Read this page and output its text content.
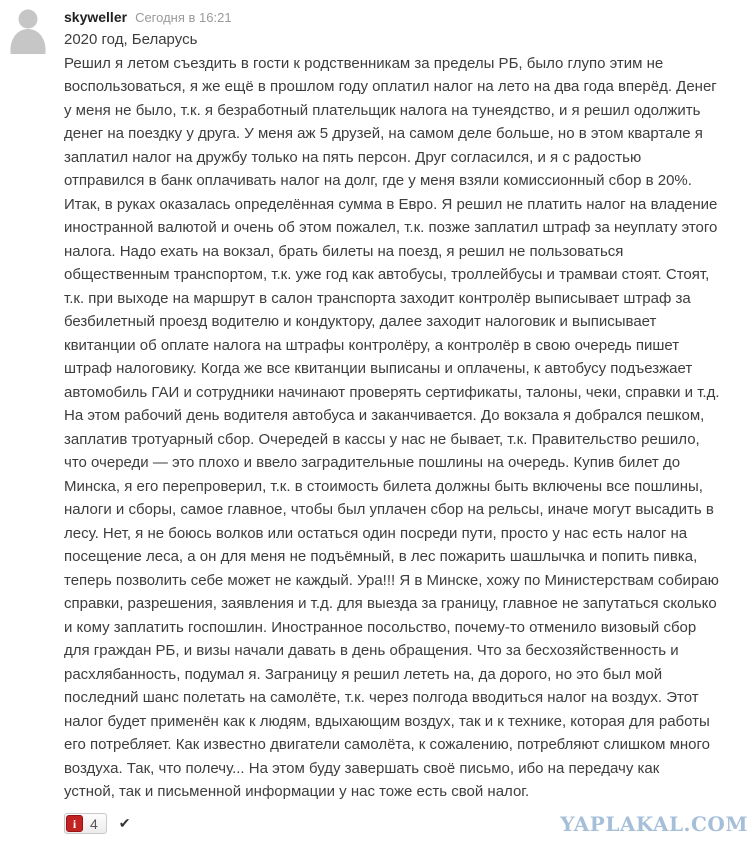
skyweller Сегодня в 16:21
2020 год, Беларусь
Решил я летом съездить в гости к родственникам за пределы РБ, было глупо этим не
воспользоваться, я же ещё в прошлом году оплатил налог на лето на два года вперёд. Денег
у меня не было, т.к. я безработный плательщик налога на тунеядство, и я решил одолжить
денег на поездку у друга. У меня аж 5 друзей, на самом деле больше, но в этом квартале я
заплатил налог на дружбу только на пять персон. Друг согласился, и я с радостью
отправился в банк оплачивать налог на долг, где у меня взяли комиссионный сбор в 20%.
Итак, в руках оказалась определённая сумма в Евро. Я решил не платить налог на владение
иностранной валютой и очень об этом пожалел, т.к. позже заплатил штраф за неуплату этого
налога. Надо ехать на вокзал, брать билеты на поезд, я решил не пользоваться
общественным транспортом, т.к. уже год как автобусы, троллейбусы и трамваи стоят. Стоят,
т.к. при выходе на маршрут в салон транспорта заходит контролёр выписывает штраф за
безбилетный проезд водителю и кондуктору, далее заходит налоговик и выписывает
квитанции об оплате налога на штрафы контролёру, а контролёр в свою очередь пишет
штраф налоговику. Когда же все квитанции выписаны и оплачены, к автобусу подъезжает
автомобиль ГАИ и сотрудники начинают проверять сертификаты, талоны, чеки, справки и т.д.
На этом рабочий день водителя автобуса и заканчивается. До вокзала я добрался пешком,
заплатив тротуарный сбор. Очередей в кассы у нас не бывает, т.к. Правительство решило,
что очереди — это плохо и ввело заградительные пошлины на очередь. Купив билет до
Минска, я его перепроверил, т.к. в стоимость билета должны быть включены все пошлины,
налоги и сборы, самое главное, чтобы был уплачен сбор на рельсы, иначе могут высадить в
лесу. Нет, я не боюсь волков или остаться один посреди пути, просто у нас есть налог на
посещение леса, а он для меня не подъёмный, в лес пожарить шашлычка и попить пивка,
теперь позволить себе может не каждый. Ура!!! Я в Минске, хожу по Министерствам собираю
справки, разрешения, заявления и т.д. для выезда за границу, главное не запутаться сколько
и кому заплатить госпошлин. Иностранное посольство, почему-то отменило визовый сбор
для граждан РБ, и визы начали давать в день обращения. Что за бесхозяйственность и
расхлябанность, подумал я. Заграницу я решил лететь на, да дорого, но это был мой
последний шанс полетать на самолёте, т.к. через полгода вводиться налог на воздух. Этот
налог будет применён как к людям, вдыхающим воздух, так и к технике, которая для работы
его потребляет. Как известно двигатели самолёта, к сожалению, потребляют слишком много
воздуха. Так, что полечу... На этом буду завершать своё письмо, ибо на передачу как
устной, так и письменной информации у нас тоже есть свой налог.
i 4	✔	YAPLAKAL.COM
